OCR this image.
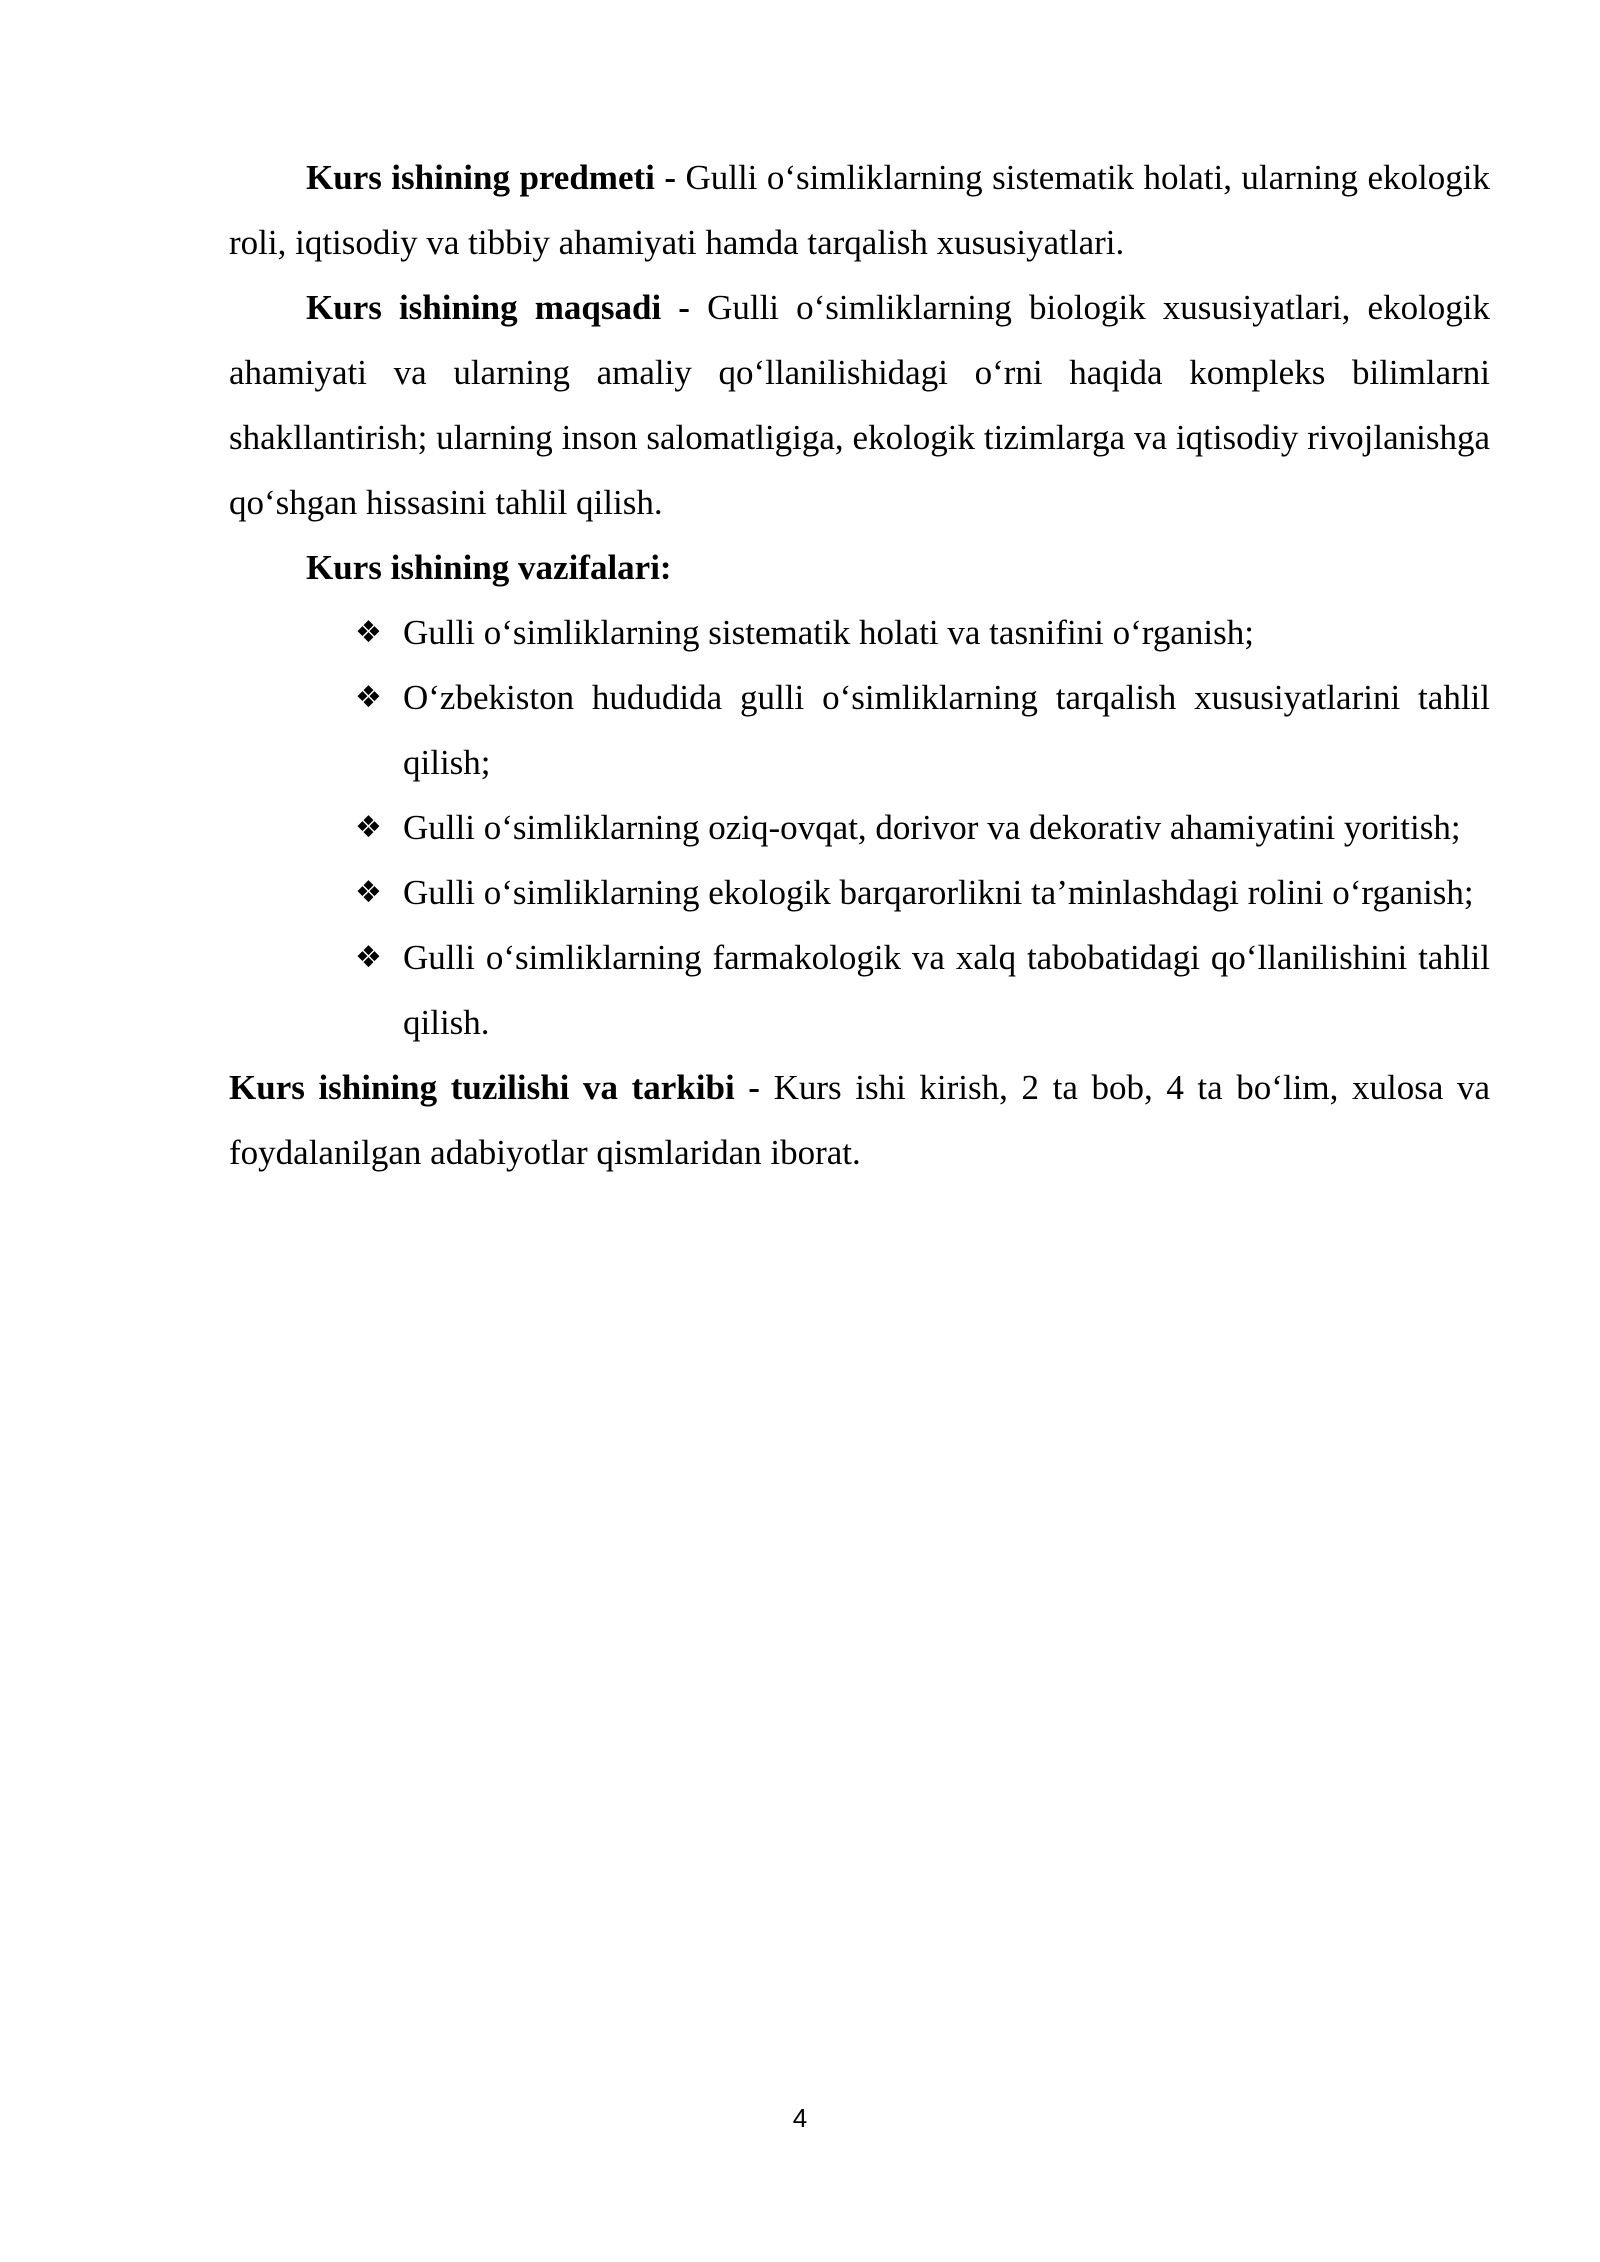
Kurs ishining predmeti - Gulli o‘simliklarning sistematik holati, ularning ekologik roli, iqtisodiy va tibbiy ahamiyati hamda tarqalish xususiyatlari.

Kurs ishining maqsadi - Gulli o‘simliklarning biologik xususiyatlari, ekologik ahamiyati va ularning amaliy qo‘llanilishidagi o‘rni haqida kompleks bilimlarni shakllantirish; ularning inson salomatligiga, ekologik tizimlarga va iqtisodiy rivojlanishga qo‘shgan hissasini tahlil qilish.

Kurs ishining vazifalari:

❖ Gulli o‘simliklarning sistematik holati va tasnifini o‘rganish;
❖ O‘zbekiston hududida gulli o‘simliklarning tarqalish xususiyatlarini tahlil qilish;
❖ Gulli o‘simliklarning oziq-ovqat, dorivor va dekorativ ahamiyatini yoritish;
❖ Gulli o‘simliklarning ekologik barqarorlikni ta’minlashdagi rolini o‘rganish;
❖ Gulli o‘simliklarning farmakologik va xalq tabobatidagi qo‘llanilishini tahlil qilish.

Kurs ishining tuzilishi va tarkibi - Kurs ishi kirish, 2 ta bob, 4 ta bo‘lim, xulosa va foydalanilgan adabiyotlar qismlaridan iborat.

4
